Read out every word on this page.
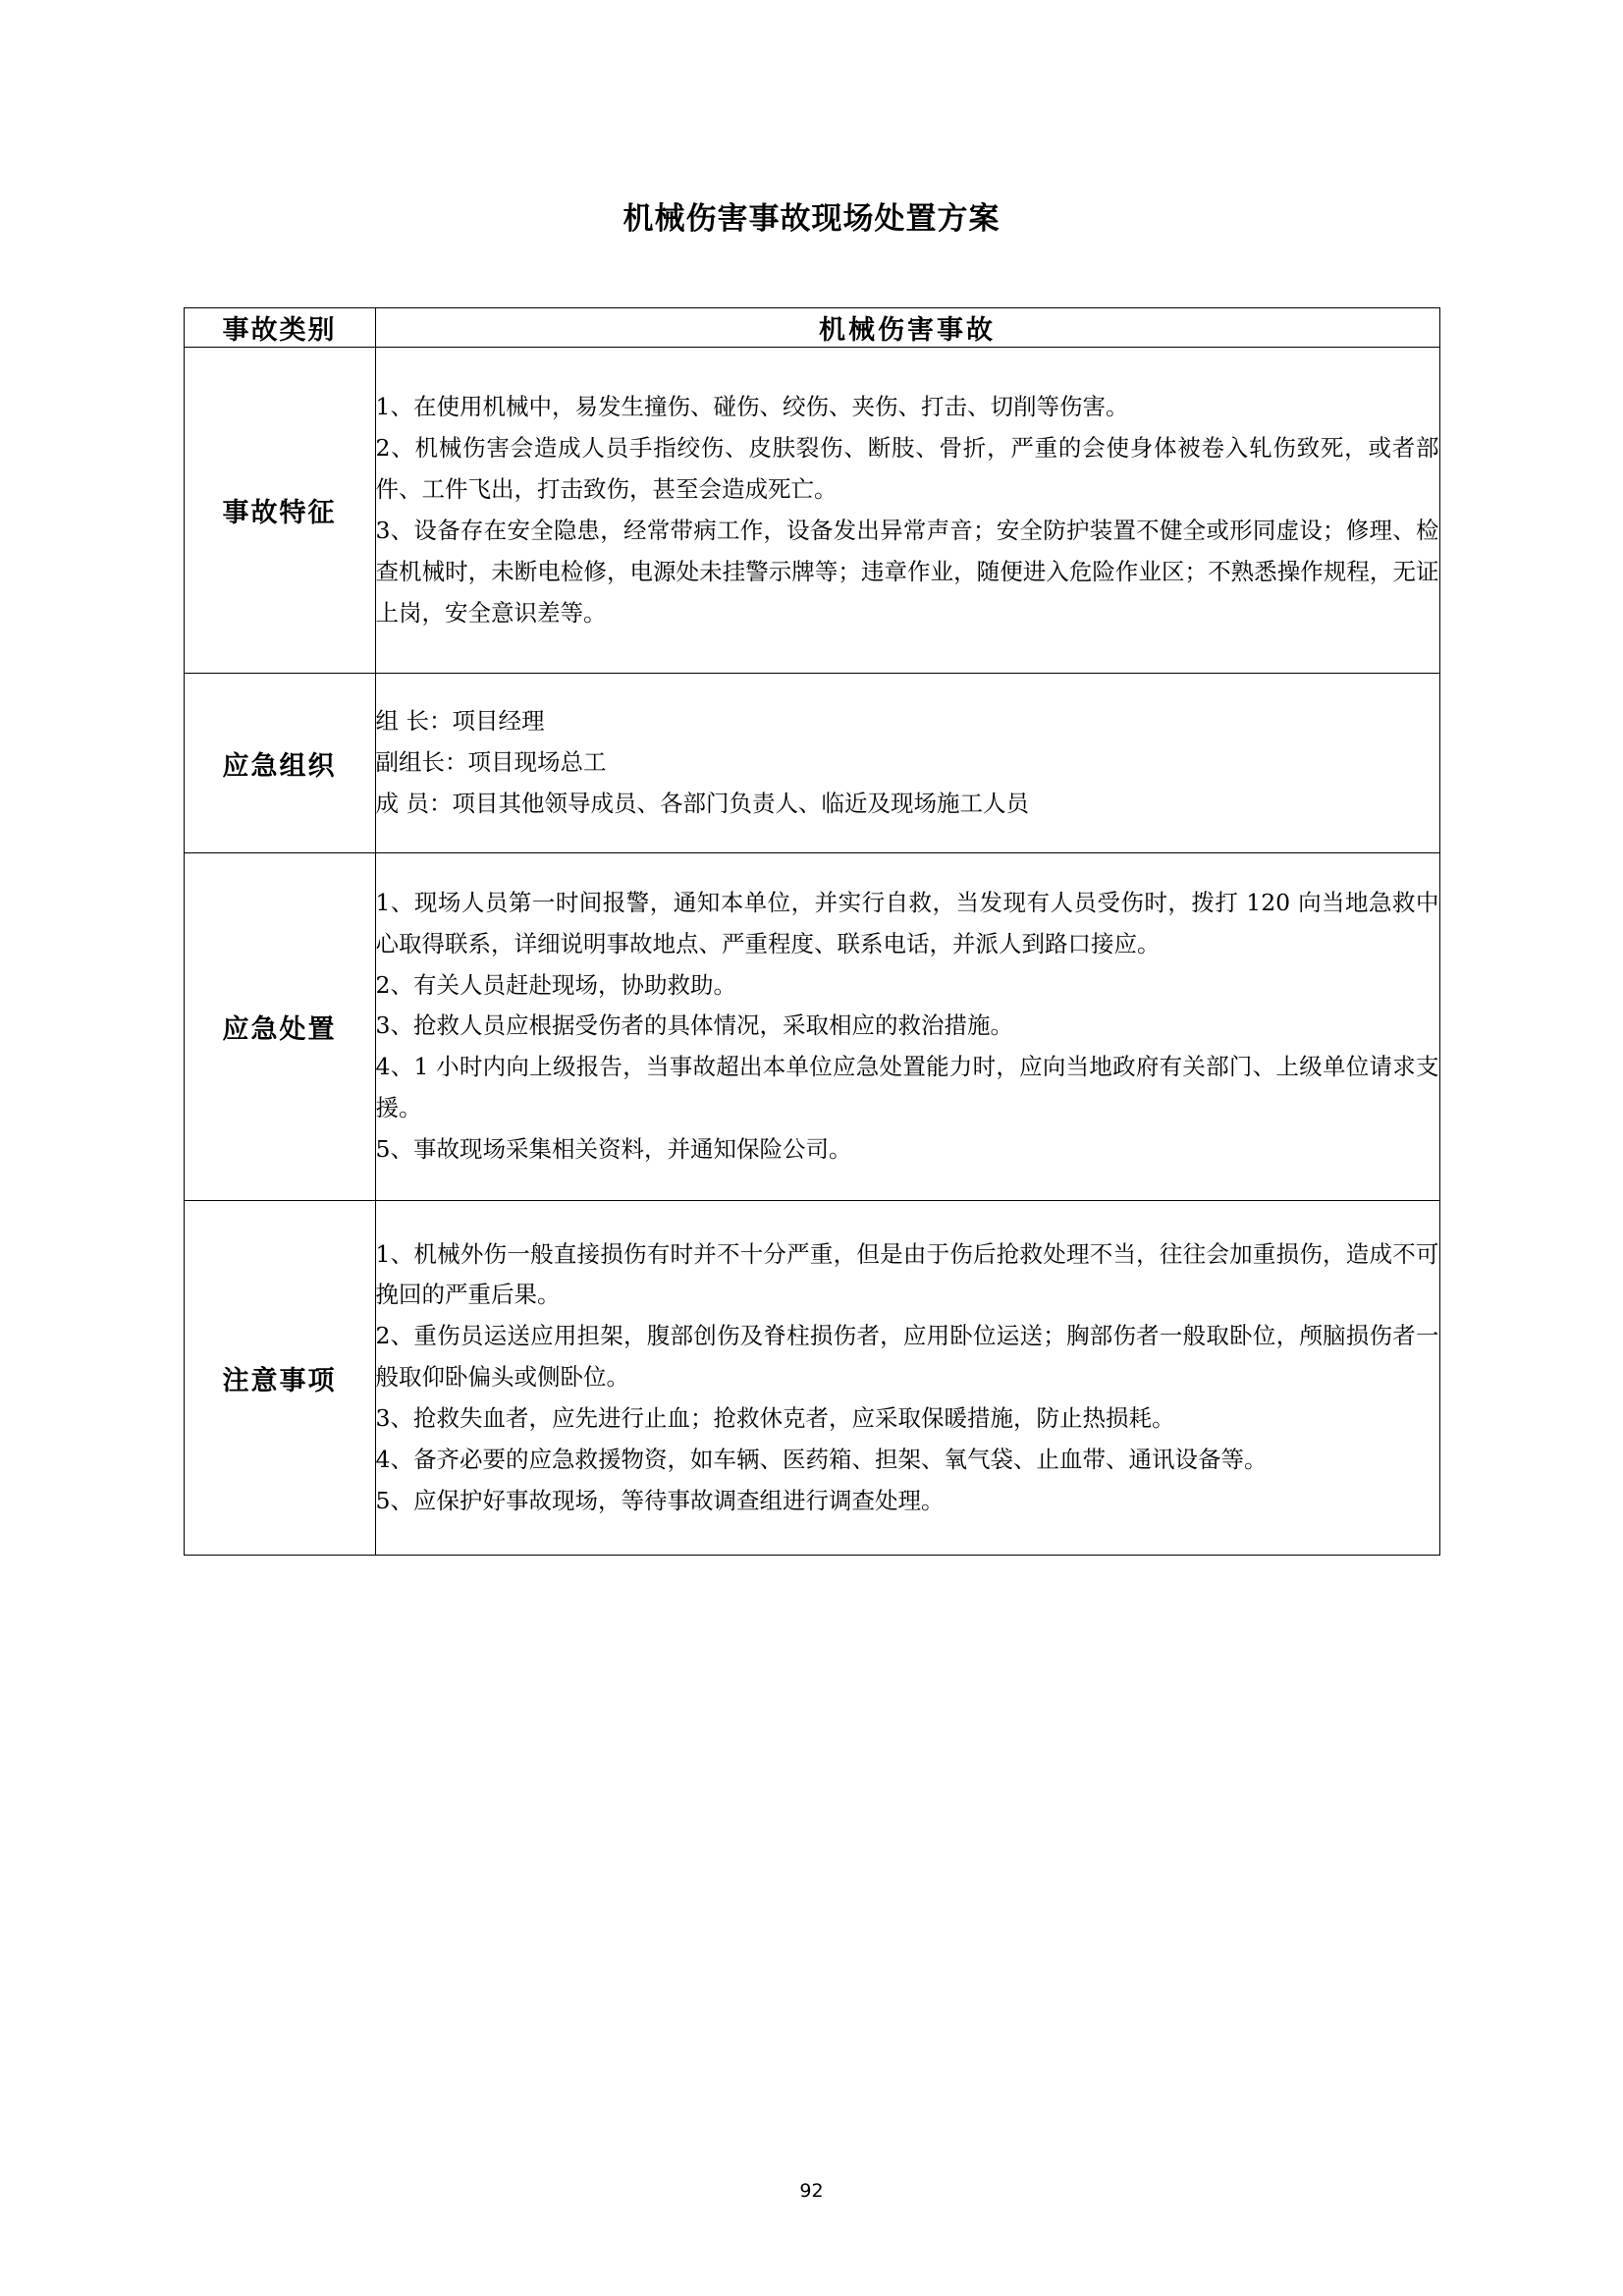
机械伤害事故现场处置方案
事故类别	机械伤害事故
事故特征	1、在使用机械中，易发生撞伤、碰伤、绞伤、夹伤、打击、切削等伤害。

2、机械伤害会造成人员手指绞伤、皮肤裂伤、断肢、骨折，严重的会使身体被卷入轧伤致死，或者部件、工件飞出，打击致伤，甚至会造成死亡。

3、设备存在安全隐患，经常带病工作，设备发出异常声音；安全防护装置不健全或形同虚设；修理、检查机械时，未断电检修，电源处未挂警示牌等；违章作业，随便进入危险作业区；不熟悉操作规程，无证上岗，安全意识差等。

应急组织	组 长：项目经理

副组长：项目现场总工

成 员：项目其他领导成员、各部门负责人、临近及现场施工人员

应急处置	1、现场人员第一时间报警，通知本单位，并实行自救，当发现有人员受伤时，拨打 120 向当地急救中心取得联系，详细说明事故地点、严重程度、联系电话，并派人到路口接应。

2、有关人员赶赴现场，协助救助。

3、抢救人员应根据受伤者的具体情况，采取相应的救治措施。

4、1 小时内向上级报告，当事故超出本单位应急处置能力时，应向当地政府有关部门、上级单位请求支援。

5、事故现场采集相关资料，并通知保险公司。

注意事项	1、机械外伤一般直接损伤有时并不十分严重，但是由于伤后抢救处理不当，往往会加重损伤，造成不可挽回的严重后果。

2、重伤员运送应用担架，腹部创伤及脊柱损伤者，应用卧位运送；胸部伤者一般取卧位，颅脑损伤者一般取仰卧偏头或侧卧位。

3、抢救失血者，应先进行止血；抢救休克者，应采取保暖措施，防止热损耗。

4、备齐必要的应急救援物资，如车辆、医药箱、担架、氧气袋、止血带、通讯设备等。

5、应保护好事故现场，等待事故调查组进行调查处理。

92
